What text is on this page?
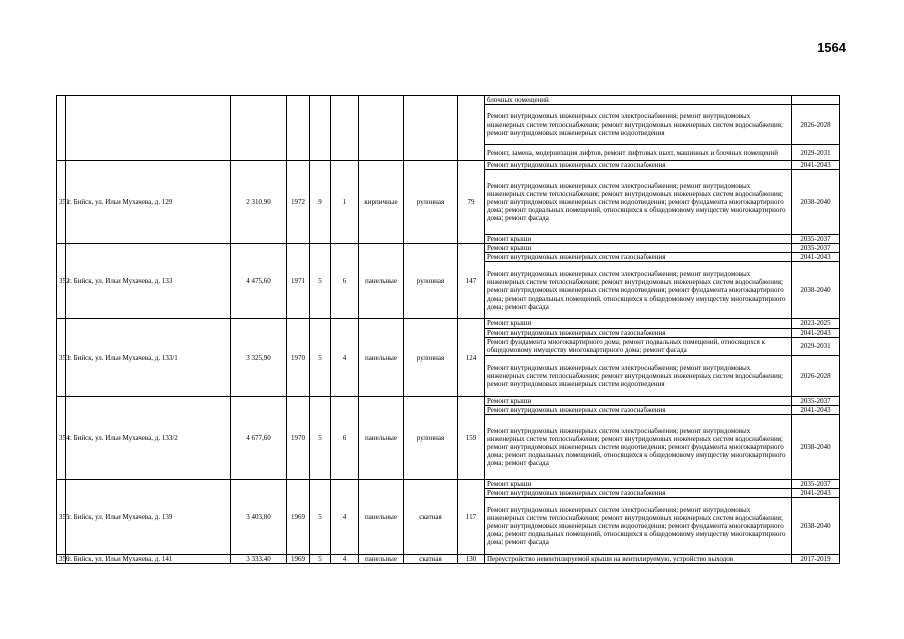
1564
									блочных помещений	
									Ремонт внутридомовых инженерных систем электроснабжения; ремонт внутридомовых инженерных систем теплоснабжения; ремонт внутридомовых инженерных систем водоснабжения; ремонт внутридомовых инженерных систем водоотведения	2026-2028
									Ремонт, замена, модернизация лифтов, ремонт лифтовых шахт, машинных и блочных помещений	2029-2031
351	г. Бийск, ул. Ильи Мухачева, д. 129	2 310,90	1972	9	1	кирпичные	рулонная	79	Ремонт внутридомовых инженерных систем газоснабжения	2041-2043
									Ремонт внутридомовых инженерных систем электроснабжения; ремонт внутридомовых инженерных систем теплоснабжения; ремонт внутридомовых инженерных систем водоснабжения; ремонт внутридомовых инженерных систем водоотведения; ремонт фундамента многоквартирного дома; ремонт подвальных помещений, относящихся к общедомовому имуществу многоквартирного дома; ремонт фасада	2038-2040
									Ремонт крыши	2035-2037
352	г. Бийск, ул. Ильи Мухачева, д. 133	4 475,60	1971	5	6	панельные	рулонная	147	Ремонт крыши	2035-2037
									Ремонт внутридомовых инженерных систем газоснабжения	2041-2043
									Ремонт внутридомовых инженерных систем электроснабжения; ремонт внутридомовых инженерных систем теплоснабжения; ремонт внутридомовых инженерных систем водоснабжения; ремонт внутридомовых инженерных систем водоотведения; ремонт фундамента многоквартирного дома; ремонт подвальных помещений, относящихся к общедомовому имуществу многоквартирного дома; ремонт фасада	2038-2040
353	г. Бийск, ул. Ильи Мухачева, д. 133/1	3 325,90	1970	5	4	панельные	рулонная	124	Ремонт крыши	2023-2025
									Ремонт внутридомовых инженерных систем газоснабжения	2041-2043
									Ремонт фундамента многоквартирного дома; ремонт подвальных помещений, относящихся к общедомовому имуществу многоквартирного дома; ремонт фасада	2029-2031
									Ремонт внутридомовых инженерных систем электроснабжения; ремонт внутридомовых инженерных систем теплоснабжения; ремонт внутридомовых инженерных систем водоснабжения; ремонт внутридомовых инженерных систем водоотведения	2026-2028
354	г. Бийск, ул. Ильи Мухачева, д. 133/2	4 677,60	1970	5	6	панельные	рулонная	159	Ремонт крыши	2035-2037
									Ремонт внутридомовых инженерных систем газоснабжения	2041-2043
									Ремонт внутридомовых инженерных систем электроснабжения; ремонт внутридомовых инженерных систем теплоснабжения; ремонт внутридомовых инженерных систем водоснабжения; ремонт внутридомовых инженерных систем водоотведения; ремонт фундамента многоквартирного дома; ремонт подвальных помещений, относящихся к общедомовому имуществу многоквартирного дома; ремонт фасада	2038-2040
355	г. Бийск, ул. Ильи Мухачева, д. 139	3 403,80	1969	5	4	панельные	скатная	117	Ремонт крыши	2035-2037
									Ремонт внутридомовых инженерных систем газоснабжения	2041-2043
									Ремонт внутридомовых инженерных систем электроснабжения; ремонт внутридомовых инженерных систем теплоснабжения; ремонт внутридомовых инженерных систем водоснабжения; ремонт внутридомовых инженерных систем водоотведения; ремонт фундамента многоквартирного дома; ремонт подвальных помещений, относящихся к общедомовому имуществу многоквартирного дома; ремонт фасада	2038-2040
356	г. Бийск, ул. Ильи Мухачева, д. 141	3 333,40	1969	5	4	панельные	скатная	130	Переустройство невентилируемой крыши на вентилируемую, устройство выходов	2017-2019
